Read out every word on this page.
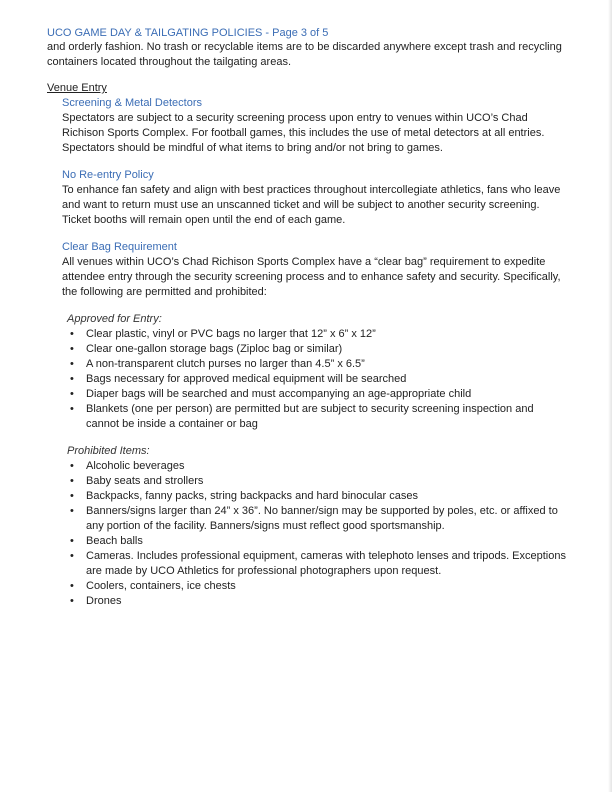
UCO GAME DAY & TAILGATING POLICIES - Page 3 of 5

and orderly fashion. No trash or recyclable items are to be discarded anywhere except trash and recycling containers located throughout the tailgating areas.

Venue Entry

Screening & Metal Detectors

Spectators are subject to a security screening process upon entry to venues within UCO’s Chad Richison Sports Complex. For football games, this includes the use of metal detectors at all entries. Spectators should be mindful of what items to bring and/or not bring to games.

No Re-entry Policy

To enhance fan safety and align with best practices throughout intercollegiate athletics, fans who leave and want to return must use an unscanned ticket and will be subject to another security screening. Ticket booths will remain open until the end of each game.

Clear Bag Requirement

All venues within UCO’s Chad Richison Sports Complex have a “clear bag” requirement to expedite attendee entry through the security screening process and to enhance safety and security. Specifically, the following are permitted and prohibited:

Approved for Entry:

• Clear plastic, vinyl or PVC bags no larger that 12” x 6” x 12”
• Clear one-gallon storage bags (Ziploc bag or similar)
• A non-transparent clutch purses no larger than 4.5” x 6.5”
• Bags necessary for approved medical equipment will be searched
• Diaper bags will be searched and must accompanying an age-appropriate child
• Blankets (one per person) are permitted but are subject to security screening inspection and cannot be inside a container or bag

Prohibited Items:

• Alcoholic beverages
• Baby seats and strollers
• Backpacks, fanny packs, string backpacks and hard binocular cases
• Banners/signs larger than 24” x 36”. No banner/sign may be supported by poles, etc. or affixed to any portion of the facility. Banners/signs must reflect good sportsmanship.
• Beach balls
• Cameras. Includes professional equipment, cameras with telephoto lenses and tripods. Exceptions are made by UCO Athletics for professional photographers upon request.
• Coolers, containers, ice chests
• Drones
